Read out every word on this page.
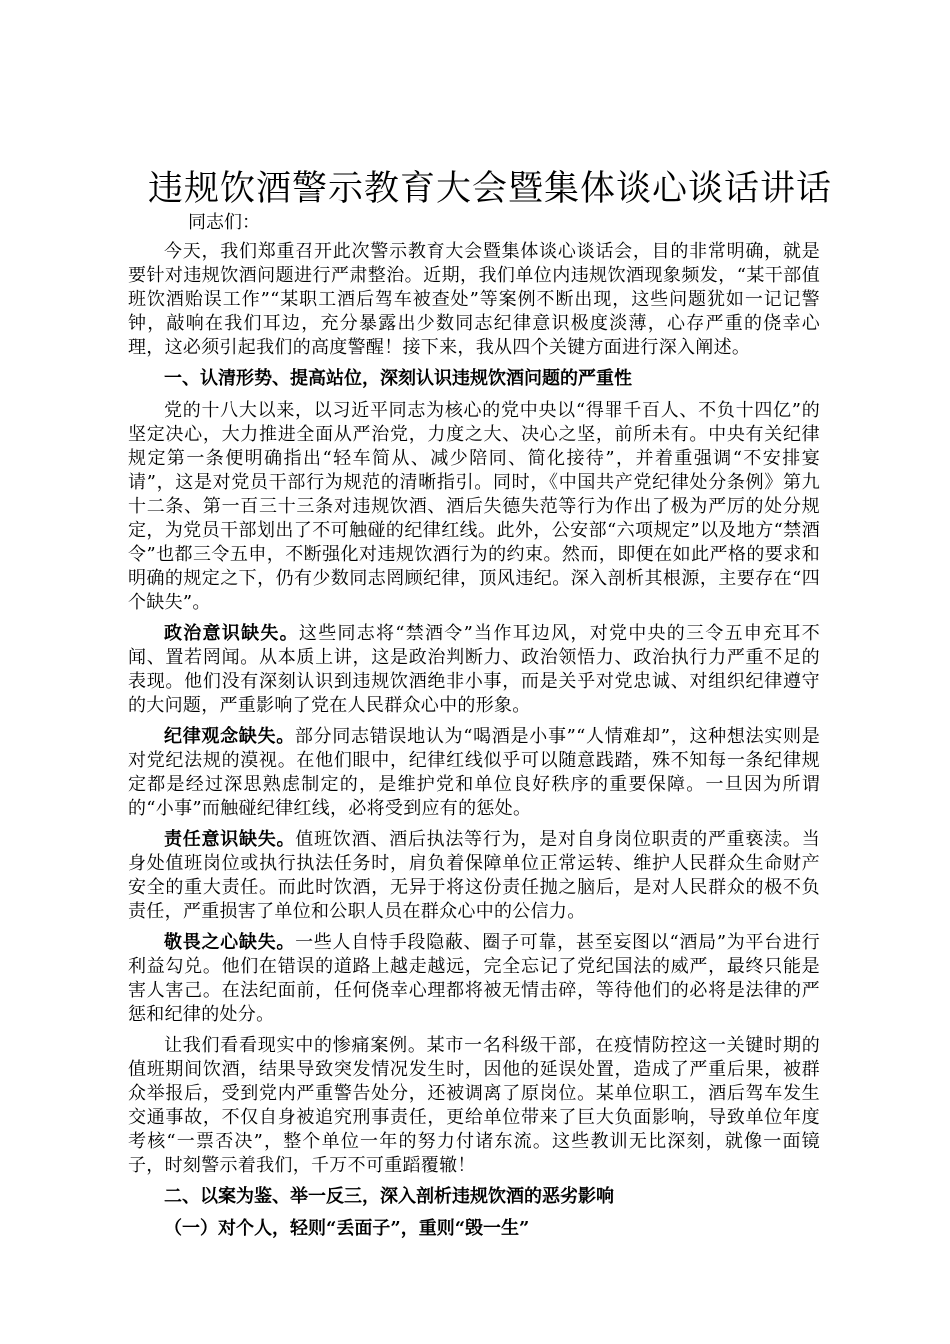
违规饮酒警示教育大会暨集体谈心谈话讲话

同志们：

今天，我们郑重召开此次警示教育大会暨集体谈心谈话会，目的非常明确，就是要针对违规饮酒问题进行严肃整治。近期，我们单位内违规饮酒现象频发，“某干部值班饮酒贻误工作”“某职工酒后驾车被查处”等案例不断出现，这些问题犹如一记记警钟，敲响在我们耳边，充分暴露出少数同志纪律意识极度淡薄，心存严重的侥幸心理，这必须引起我们的高度警醒！接下来，我从四个关键方面进行深入阐述。

一、认清形势、提高站位，深刻认识违规饮酒问题的严重性

党的十八大以来，以习近平同志为核心的党中央以“得罪千百人、不负十四亿”的坚定决心，大力推进全面从严治党，力度之大、决心之坚，前所未有。中央有关纪律规定第一条便明确指出“轻车简从、减少陪同、简化接待”，并着重强调“不安排宴请”，这是对党员干部行为规范的清晰指引。同时，《中国共产党纪律处分条例》第九十二条、第一百三十三条对违规饮酒、酒后失德失范等行为作出了极为严厉的处分规定，为党员干部划出了不可触碰的纪律红线。此外，公安部“六项规定”以及地方“禁酒令”也都三令五申，不断强化对违规饮酒行为的约束。然而，即便在如此严格的要求和明确的规定之下，仍有少数同志罔顾纪律，顶风违纪。深入剖析其根源，主要存在“四个缺失”。

政治意识缺失。这些同志将“禁酒令”当作耳边风，对党中央的三令五申充耳不闻、置若罔闻。从本质上讲，这是政治判断力、政治领悟力、政治执行力严重不足的表现。他们没有深刻认识到违规饮酒绝非小事，而是关乎对党忠诚、对组织纪律遵守的大问题，严重影响了党在人民群众心中的形象。

纪律观念缺失。部分同志错误地认为“喝酒是小事”“人情难却”，这种想法实则是对党纪法规的漠视。在他们眼中，纪律红线似乎可以随意践踏，殊不知每一条纪律规定都是经过深思熟虑制定的，是维护党和单位良好秩序的重要保障。一旦因为所谓的“小事”而触碰纪律红线，必将受到应有的惩处。

责任意识缺失。值班饮酒、酒后执法等行为，是对自身岗位职责的严重亵渎。当身处值班岗位或执行执法任务时，肩负着保障单位正常运转、维护人民群众生命财产安全的重大责任。而此时饮酒，无异于将这份责任抛之脑后，是对人民群众的极不负责任，严重损害了单位和公职人员在群众心中的公信力。

敬畏之心缺失。一些人自恃手段隐蔽、圈子可靠，甚至妄图以“酒局”为平台进行利益勾兑。他们在错误的道路上越走越远，完全忘记了党纪国法的威严，最终只能是害人害己。在法纪面前，任何侥幸心理都将被无情击碎，等待他们的必将是法律的严惩和纪律的处分。

让我们看看现实中的惨痛案例。某市一名科级干部，在疫情防控这一关键时期的值班期间饮酒，结果导致突发情况发生时，因他的延误处置，造成了严重后果，被群众举报后，受到党内严重警告处分，还被调离了原岗位。某单位职工，酒后驾车发生交通事故，不仅自身被追究刑事责任，更给单位带来了巨大负面影响，导致单位年度考核“一票否决”，整个单位一年的努力付诸东流。这些教训无比深刻，就像一面镜子，时刻警示着我们，千万不可重蹈覆辙！

二、以案为鉴、举一反三，深入剖析违规饮酒的恶劣影响

（一）对个人，轻则“丢面子”，重则“毁一生”
